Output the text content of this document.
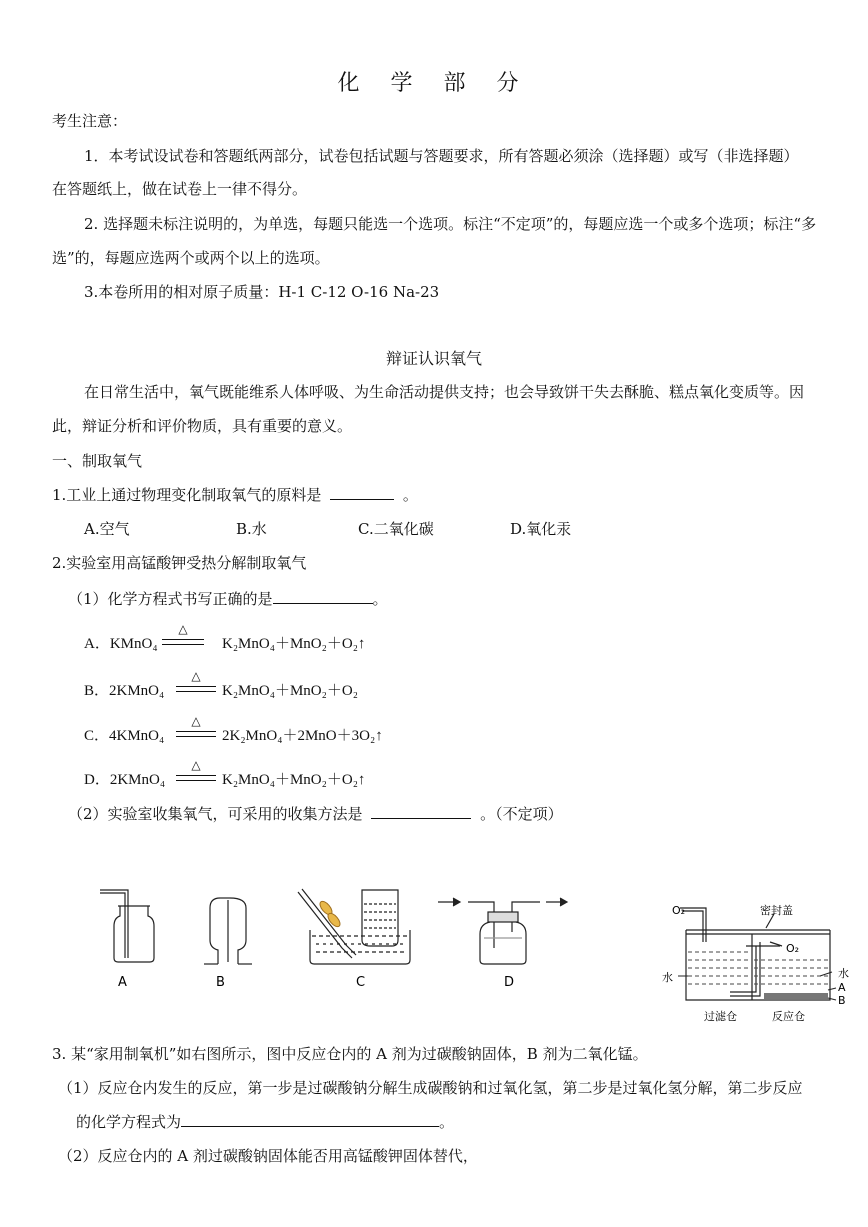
化 学 部 分
考生注意：
1．本考试设试卷和答题纸两部分，试卷包括试题与答题要求，所有答题必须涂（选择题）或写（非选择题）
在答题纸上，做在试卷上一律不得分。
2. 选择题未标注说明的，为单选，每题只能选一个选项。标注“不定项”的，每题应选一个或多个选项；标注“多
选”的，每题应选两个或两个以上的选项。
3.本卷所用的相对原子质量：H-1 C-12 O-16 Na-23
辩证认识氧气
在日常生活中，氧气既能维系人体呼吸、为生命活动提供支持；也会导致饼干失去酥脆、糕点氧化变质等。因
此，辩证分析和评价物质，具有重要的意义。
一、制取氧气
1.工业上通过物理变化制取氧气的原料是	。
A.空气	B.水	C.二氧化碳	D.氧化汞
2.实验室用高锰酸钾受热分解制取氧气
（1）化学方程式书写正确的是	。
A．KMnO₄
△
K₂MnO₄＋MnO₂＋O₂↑
B．2KMnO₄
△
K₂MnO₄＋MnO₂＋O₂
C．4KMnO₄
△
2K₂MnO₄＋2MnO＋3O₂↑
D．2KMnO₄
△
K₂MnO₄＋MnO₂＋O₂↑
（2）实验室收集氧气，可采用的收集方法是	。（不定项）
A	B	C	D
O₂	密封盖
O₂
水	水
A
B
过滤仓	反应仓
3. 某“家用制氧机”如右图所示，图中反应仓内的 A 剂为过碳酸钠固体，B 剂为二氧化锰。
（1）反应仓内发生的反应，第一步是过碳酸钠分解生成碳酸钠和过氧化氢，第二步是过氧化氢分解，第二步反应
的化学方程式为	。
（2）反应仓内的 A 剂过碳酸钠固体能否用高锰酸钾固体替代，
